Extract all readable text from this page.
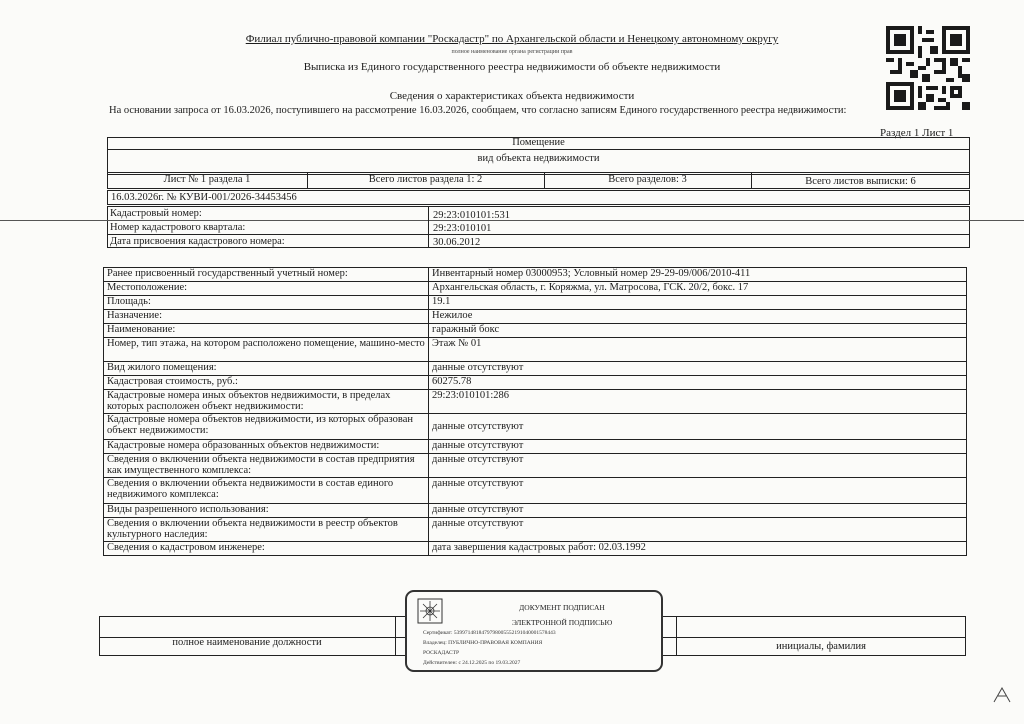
Филиал публично-правовой компании "Роскадастр" по Архангельской области и Ненецкому автономному округу
полное наименование органа регистрации прав
Выписка из Единого государственного реестра недвижимости об объекте недвижимости
Сведения о характеристиках объекта недвижимости
На основании запроса от 16.03.2026, поступившего на рассмотрение 16.03.2026, сообщаем, что согласно записям Единого государственного реестра недвижимости:
Раздел 1 Лист 1
Помещение
вид объекта недвижимости
Лист № 1 раздела 1	Всего листов раздела 1: 2	Всего разделов: 3	Всего листов выписки: 6
16.03.2026г. № КУВИ-001/2026-34453456
Кадастровый номер:	29:23:010101:531
Номер кадастрового квартала:	29:23:010101
Дата присвоения кадастрового номера:	30.06.2012
Ранее присвоенный государственный учетный номер:	Инвентарный номер 03000953; Условный номер 29-29-09/006/2010-411
Местоположение:	Архангельская область, г. Коряжма, ул. Матросова, ГСК. 20/2, бокс. 17
Площадь:	19.1
Назначение:	Нежилое
Наименование:	гаражный бокс
Номер, тип этажа, на котором расположено помещение, машино-место	Этаж № 01
Вид жилого помещения:	данные отсутствуют
Кадастровая стоимость, руб.:	60275.78
Кадастровые номера иных объектов недвижимости, в пределах которых расположен объект недвижимости:	29:23:010101:286
Кадастровые номера объектов недвижимости, из которых образован объект недвижимости:	данные отсутствуют
Кадастровые номера образованных объектов недвижимости:	данные отсутствуют
Сведения о включении объекта недвижимости в состав предприятия как имущественного комплекса:	данные отсутствуют
Сведения о включении объекта недвижимости в состав единого недвижимого комплекса:	данные отсутствуют
Виды разрешенного использования:	данные отсутствуют
Сведения о включении объекта недвижимости в реестр объектов культурного наследия:	данные отсутствуют
Сведения о кадастровом инженере:	дата завершения кадастровых работ: 02.03.1992
полное наименование должности	инициалы, фамилия
ДОКУМЕНТ ПОДПИСАН
ЭЛЕКТРОННОЙ ПОДПИСЬЮ
Сертификат: 5399714818479798005552191040001578443
Владелец: ПУБЛИЧНО-ПРАВОВАЯ КОМПАНИЯ
РОСКАДАСТР
Действителен: с 24.12.2025 по 19.03.2027
